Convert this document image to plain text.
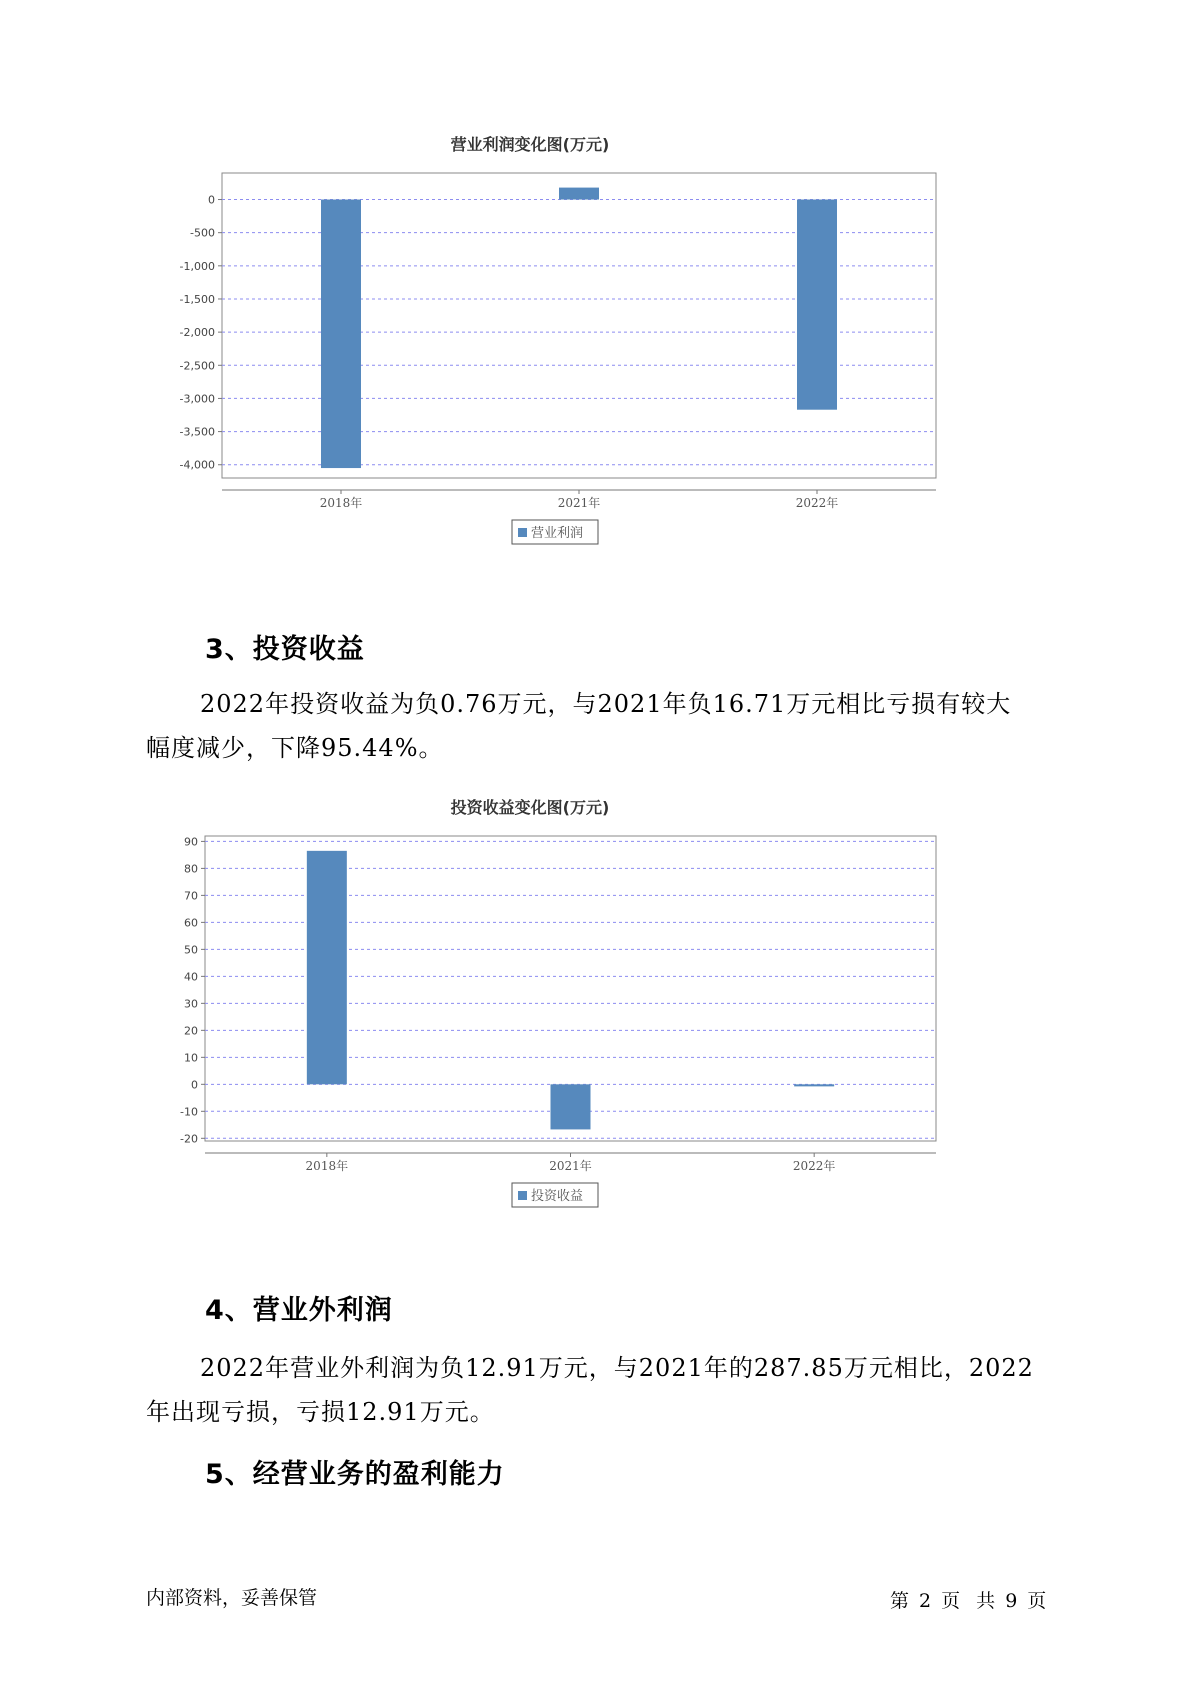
营业利润变化图(万元)
0
-500
-1,000
-1,500
-2,000
-2,500
-3,000
-3,500
-4,000
2018年	2021年	2022年
营业利润
3、投资收益
2022年投资收益为负0.76万元，与2021年负16.71万元相比亏损有较大
幅度减少，下降95.44%。
投资收益变化图(万元)
90
80
70
60
50
40
30
20
10
0
-10
-20
2018年	2021年	2022年
投资收益
4、营业外利润
2022年营业外利润为负12.91万元，与2021年的287.85万元相比，2022
年出现亏损，亏损12.91万元。
5、经营业务的盈利能力
内部资料，妥善保管	第 2 页 共 9 页
